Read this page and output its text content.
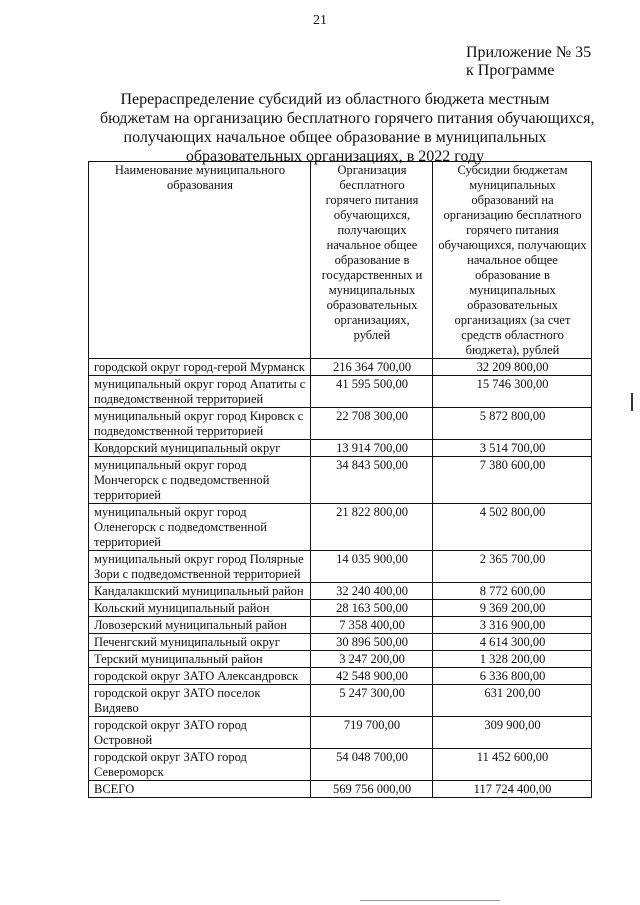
21
Приложение № 35
к Программе
Перераспределение субсидий из областного бюджета местным
бюджетам на организацию бесплатного горячего питания обучающихся,
получающих начальное общее образование в муниципальных
образовательных организациях, в 2022 году
Наименование муниципального образования	Организация бесплатного горячего питания обучающихся, получающих начальное общее образование в государственных и муниципальных образовательных организациях, рублей	Субсидии бюджетам муниципальных образований на организацию бесплатного горячего питания обучающихся, получающих начальное общее образование в муниципальных образовательных организациях (за счет средств областного бюджета), рублей
городской округ город-герой Мурманск	216 364 700,00	32 209 800,00
муниципальный округ город Апатиты с подведомственной территорией	41 595 500,00	15 746 300,00
муниципальный округ город Кировск с подведомственной территорией	22 708 300,00	5 872 800,00
Ковдорский муниципальный округ	13 914 700,00	3 514 700,00
муниципальный округ город Мончегорск с подведомственной территорией	34 843 500,00	7 380 600,00
муниципальный округ город Оленегорск с подведомственной территорией	21 822 800,00	4 502 800,00
муниципальный округ город Полярные Зори с подведомственной территорией	14 035 900,00	2 365 700,00
Кандалакшский муниципальный район	32 240 400,00	8 772 600,00
Кольский муниципальный район	28 163 500,00	9 369 200,00
Ловозерский муниципальный район	7 358 400,00	3 316 900,00
Печенгский муниципальный округ	30 896 500,00	4 614 300,00
Терский муниципальный район	3 247 200,00	1 328 200,00
городской округ ЗАТО Александровск	42 548 900,00	6 336 800,00
городской округ ЗАТО поселок Видяево	5 247 300,00	631 200,00
городской округ ЗАТО город Островной	719 700,00	309 900,00
городской округ ЗАТО город Североморск	54 048 700,00	11 452 600,00
ВСЕГО	569 756 000,00	117 724 400,00
